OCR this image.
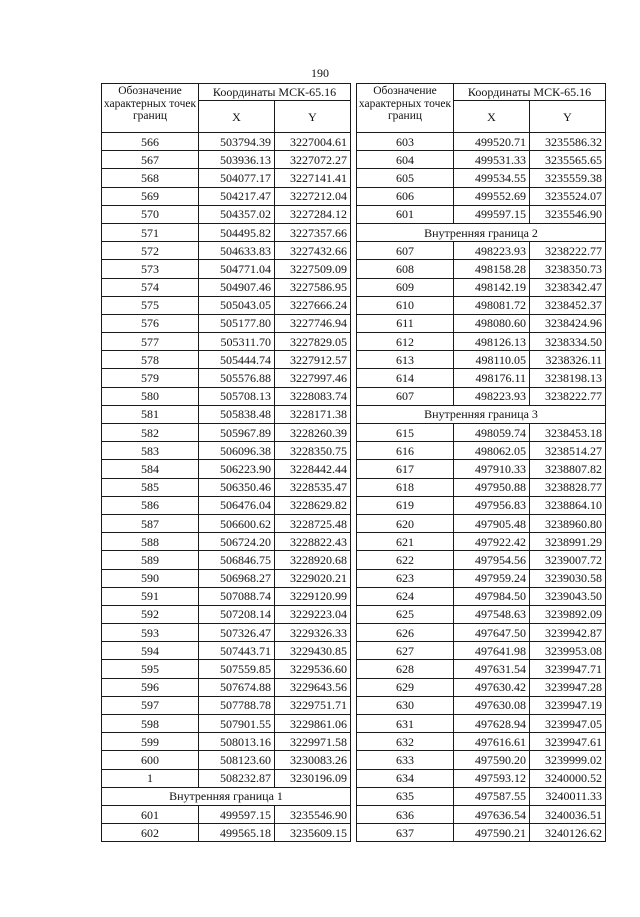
190
Обозначение характерных точек границ	Координаты МСК-65.16	
	X	Y
566	503794.39	3227004.61
567	503936.13	3227072.27
568	504077.17	3227141.41
569	504217.47	3227212.04
570	504357.02	3227284.12
571	504495.82	3227357.66
572	504633.83	3227432.66
573	504771.04	3227509.09
574	504907.46	3227586.95
575	505043.05	3227666.24
576	505177.80	3227746.94
577	505311.70	3227829.05
578	505444.74	3227912.57
579	505576.88	3227997.46
580	505708.13	3228083.74
581	505838.48	3228171.38
582	505967.89	3228260.39
583	506096.38	3228350.75
584	506223.90	3228442.44
585	506350.46	3228535.47
586	506476.04	3228629.82
587	506600.62	3228725.48
588	506724.20	3228822.43
589	506846.75	3228920.68
590	506968.27	3229020.21
591	507088.74	3229120.99
592	507208.14	3229223.04
593	507326.47	3229326.33
594	507443.71	3229430.85
595	507559.85	3229536.60
596	507674.88	3229643.56
597	507788.78	3229751.71
598	507901.55	3229861.06
599	508013.16	3229971.58
600	508123.60	3230083.26
1	508232.87	3230196.09
Внутренняя граница 1		
601	499597.15	3235546.90
602	499565.18	3235609.15
Обозначение характерных точек границ	Координаты МСК-65.16	
	X	Y
603	499520.71	3235586.32
604	499531.33	3235565.65
605	499534.55	3235559.38
606	499552.69	3235524.07
601	499597.15	3235546.90
Внутренняя граница 2		
607	498223.93	3238222.77
608	498158.28	3238350.73
609	498142.19	3238342.47
610	498081.72	3238452.37
611	498080.60	3238424.96
612	498126.13	3238334.50
613	498110.05	3238326.11
614	498176.11	3238198.13
607	498223.93	3238222.77
Внутренняя граница 3		
615	498059.74	3238453.18
616	498062.05	3238514.27
617	497910.33	3238807.82
618	497950.88	3238828.77
619	497956.83	3238864.10
620	497905.48	3238960.80
621	497922.42	3238991.29
622	497954.56	3239007.72
623	497959.24	3239030.58
624	497984.50	3239043.50
625	497548.63	3239892.09
626	497647.50	3239942.87
627	497641.98	3239953.08
628	497631.54	3239947.71
629	497630.42	3239947.28
630	497630.08	3239947.19
631	497628.94	3239947.05
632	497616.61	3239947.61
633	497590.20	3239999.02
634	497593.12	3240000.52
635	497587.55	3240011.33
636	497636.54	3240036.51
637	497590.21	3240126.62
